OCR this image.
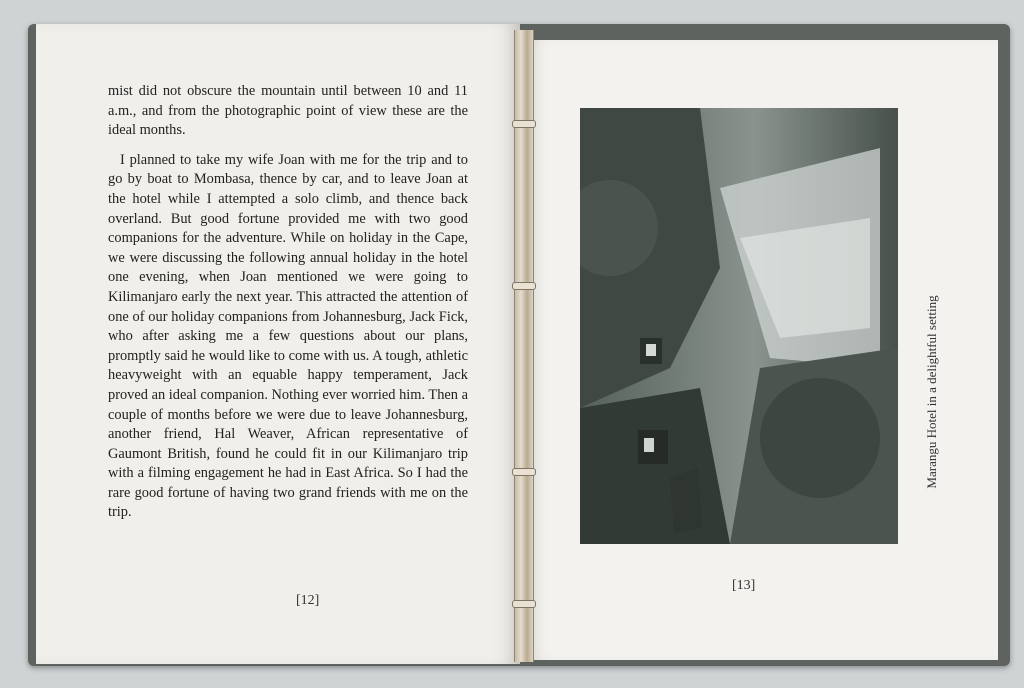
mist did not obscure the mountain until between 10 and 11 a.m., and from the photographic point of view these are the ideal months.

I planned to take my wife Joan with me for the trip and to go by boat to Mombasa, thence by car, and to leave Joan at the hotel while I attempted a solo climb, and thence back overland. But good fortune provided me with two good companions for the adventure. While on holiday in the Cape, we were discussing the following annual holiday in the hotel one evening, when Joan mentioned we were going to Kilimanjaro early the next year. This attracted the attention of one of our holiday companions from Johannesburg, Jack Fick, who after asking me a few questions about our plans, promptly said he would like to come with us. A tough, athletic heavyweight with an equable happy temperament, Jack proved an ideal companion. Nothing ever worried him. Then a couple of months before we were due to leave Johannesburg, another friend, Hal Weaver, African representative of Gaumont British, found he could fit in our Kilimanjaro trip with a filming engagement he had in East Africa. So I had the rare good fortune of having two grand friends with me on the trip.

[12]
[13]
Marangu Hotel in a delightful setting
